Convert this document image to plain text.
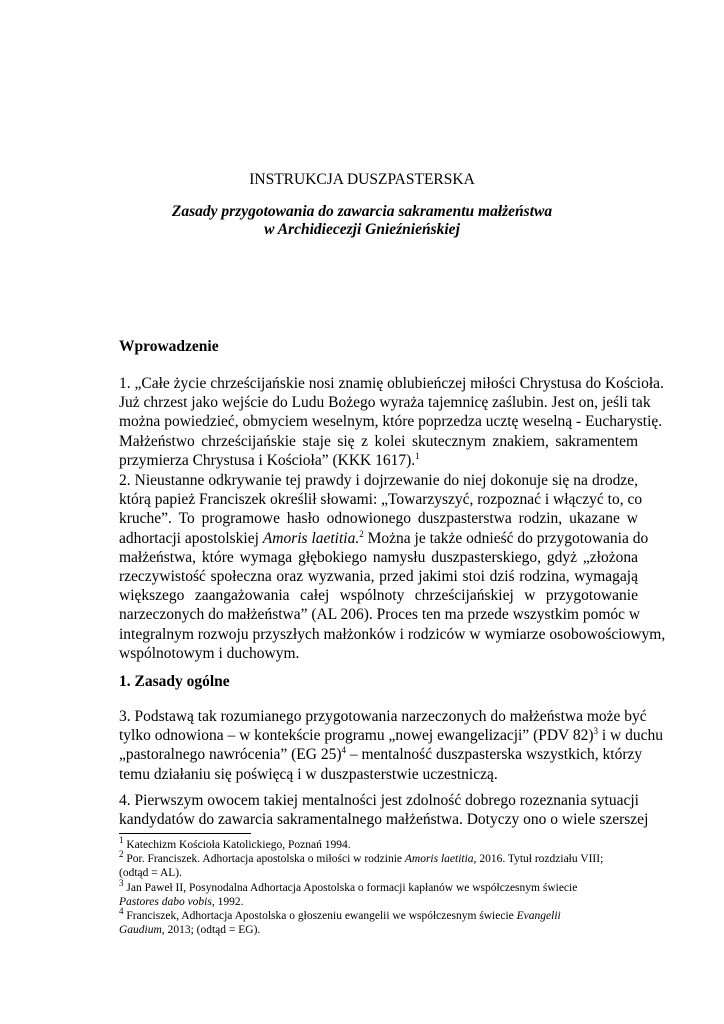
INSTRUKCJA DUSZPASTERSKA
Zasady przygotowania do zawarcia sakramentu małżeństwa
w Archidiecezji Gnieźnieńskiej
Wprowadzenie
1. „Całe życie chrześcijańskie nosi znamię oblubieńczej miłości Chrystusa do Kościoła.
Już chrzest jako wejście do Ludu Bożego wyraża tajemnicę zaślubin. Jest on, jeśli tak
można powiedzieć, obmyciem weselnym, które poprzedza ucztę weselną - Eucharystię.
Małżeństwo chrześcijańskie staje się z kolei skutecznym znakiem, sakramentem
przymierza Chrystusa i Kościoła” (KKK 1617).$^1$
2. Nieustanne odkrywanie tej prawdy i dojrzewanie do niej dokonuje się na drodze,
którą papież Franciszek określił słowami: „Towarzyszyć, rozpoznać i włączyć to, co
kruche”. To programowe hasło odnowionego duszpasterstwa rodzin, ukazane w
adhortacji apostolskiej Amoris laetitia.$^2$ Można je także odnieść do przygotowania do
małżeństwa, które wymaga głębokiego namysłu duszpasterskiego, gdyż „złożona
rzeczywistość społeczna oraz wyzwania, przed jakimi stoi dziś rodzina, wymagają
większego zaangażowania całej wspólnoty chrześcijańskiej w przygotowanie
narzeczonych do małżeństwa” (AL 206). Proces ten ma przede wszystkim pomóc w
integralnym rozwoju przyszłych małżonków i rodziców w wymiarze osobowościowym,
wspólnotowym i duchowym.
1. Zasady ogólne
3. Podstawą tak rozumianego przygotowania narzeczonych do małżeństwa może być
tylko odnowiona – w kontekście programu „nowej ewangelizacji” (PDV 82)$^3$ i w duchu
„pastoralnego nawrócenia” (EG 25)$^4$ – mentalność duszpasterska wszystkich, którzy
temu działaniu się poświęcą i w duszpasterstwie uczestniczą.
4. Pierwszym owocem takiej mentalności jest zdolność dobrego rozeznania sytuacji
kandydatów do zawarcia sakramentalnego małżeństwa. Dotyczy ono o wiele szerszej
$^1$ Katechizm Kościoła Katolickiego, Poznań 1994.
$^2$ Por. Franciszek. Adhortacja apostolska o miłości w rodzinie Amoris laetitia, 2016. Tytuł rozdziału VIII;
(odtąd = AL).
$^3$ Jan Paweł II, Posynodalna Adhortacja Apostolska o formacji kapłanów we współczesnym świecie
Pastores dabo vobis, 1992.
$^4$ Franciszek, Adhortacja Apostolska o głoszeniu ewangelii we współczesnym świecie Evangelii
Gaudium, 2013; (odtąd = EG).
